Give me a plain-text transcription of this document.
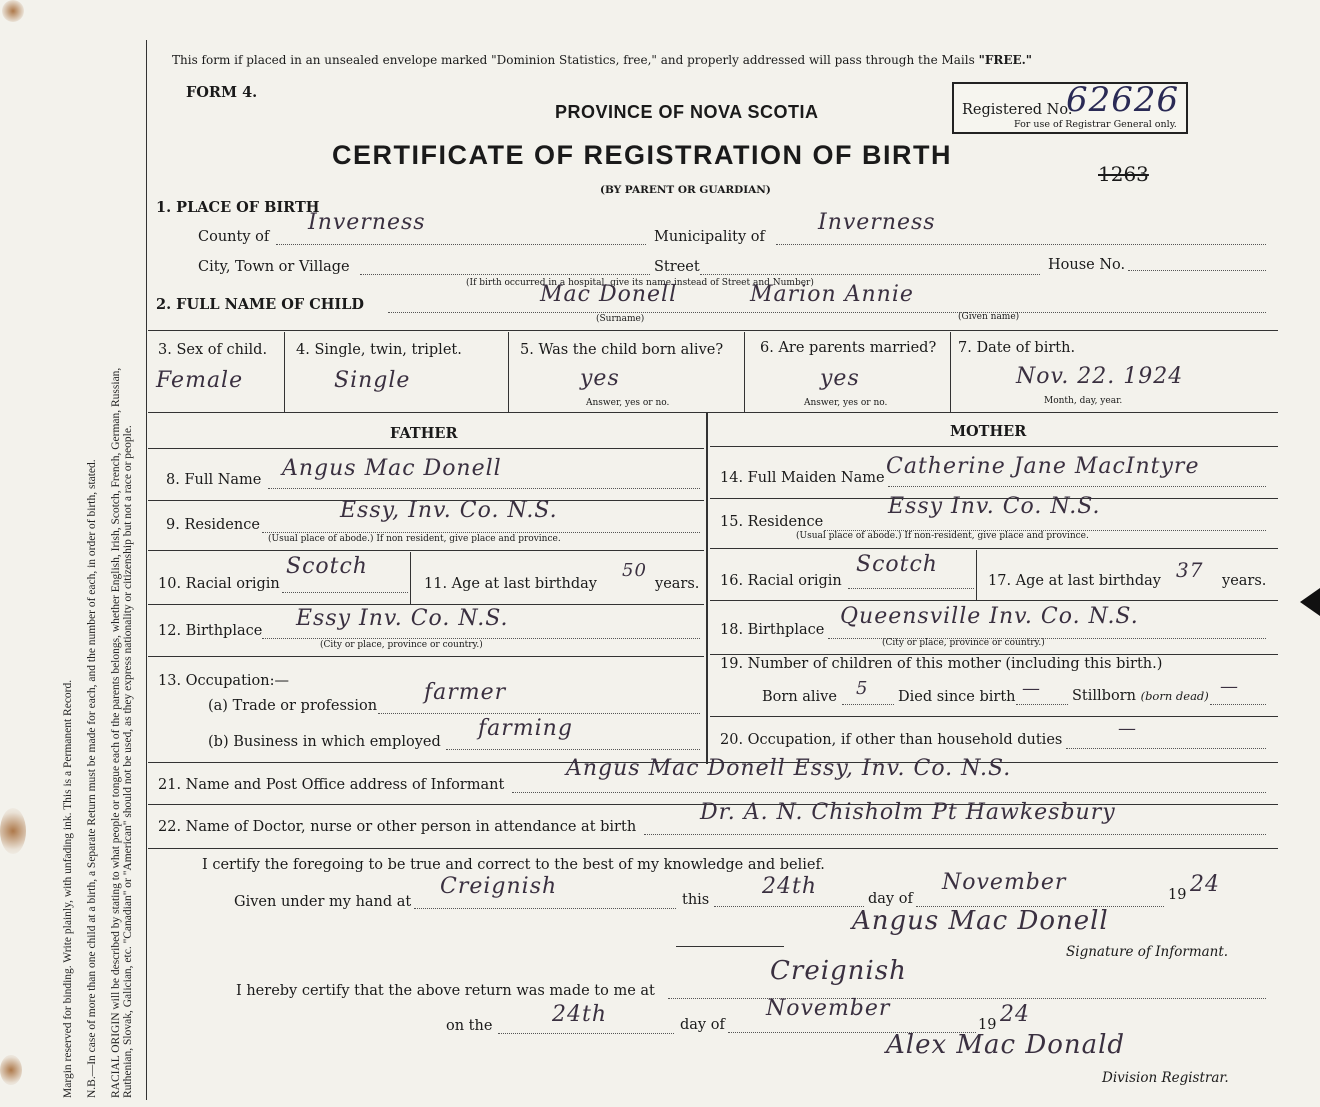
Margin reserved for binding. Write plainly, with unfading ink. This is a Permanent Record. N.B.—In case of more than one child at a birth, a Separate Return must be made for each, and the number of each, in order of birth, stated. RACIAL ORIGIN will be described by stating to what people or tongue each of the parents belongs, whether English, Irish, Scotch, French, German, Russian, Ruthenian, Slovak, Galician, etc. "Canadian" or "American" should not be used, as they express nationality or citizenship but not a race or people.
This form if placed in an unsealed envelope marked "Dominion Statistics, free," and properly addressed will pass through the Mails "FREE."
FORM 4.
PROVINCE OF NOVA SCOTIA
CERTIFICATE OF REGISTRATION OF BIRTH
(BY PARENT OR GUARDIAN)
1263
Registered No.
62626
For use of Registrar General only.
1. PLACE OF BIRTH
County of
Inverness
Municipality of
Inverness
City, Town or Village	Street	House No.
(If birth occurred in a hospital, give its name instead of Street and Number)
2. FULL NAME OF CHILD	Mac Donell	Marion Annie
(Surname)	(Given name)
3. Sex of child.
Female
4. Single, twin, triplet.
Single
5. Was the child born alive?
yes
Answer, yes or no.
6. Are parents married?
yes
Answer, yes or no.
7. Date of birth.
Nov. 22. 1924
Month, day, year.
FATHER	MOTHER
8. Full Name Angus Mac Donell
9. Residence
Essy, Inv. Co. N.S.
(Usual place of abode.) If non resident, give place and province.
10. Racial origin
Scotch
11. Age at last birthday
50
years.
12. Birthplace Essy Inv. Co. N.S.
(City or place, province or country.)
13. Occupation:—
(a) Trade or profession
farmer
(b) Business in which employed
farming
14. Full Maiden Name Catherine Jane MacIntyre
15. Residence
Essy Inv. Co. N.S.
(Usual place of abode.) If non-resident, give place and province.
16. Racial origin
Scotch
17. Age at last birthday 37 years.
18. Birthplace
Queensville Inv. Co. N.S.
(City or place, province or country.)
19. Number of children of this mother (including this birth.)
Born alive 5 Died since birth — Stillborn (born dead) —
20. Occupation, if other than household duties
—
21. Name and Post Office address of Informant
Angus Mac Donell Essy, Inv. Co. N.S.
22. Name of Doctor, nurse or other person in attendance at birth
Dr. A. N. Chisholm Pt Hawkesbury
I certify the foregoing to be true and correct to the best of my knowledge and belief.
Given under my hand at
Creignish
this
24th	day of
November	19 24
Angus Mac Donell
Signature of Informant.
I hereby certify that the above return was made to me at
Creignish
on the	24th	day of
November
19 24
Alex Mac Donald
Division Registrar.
